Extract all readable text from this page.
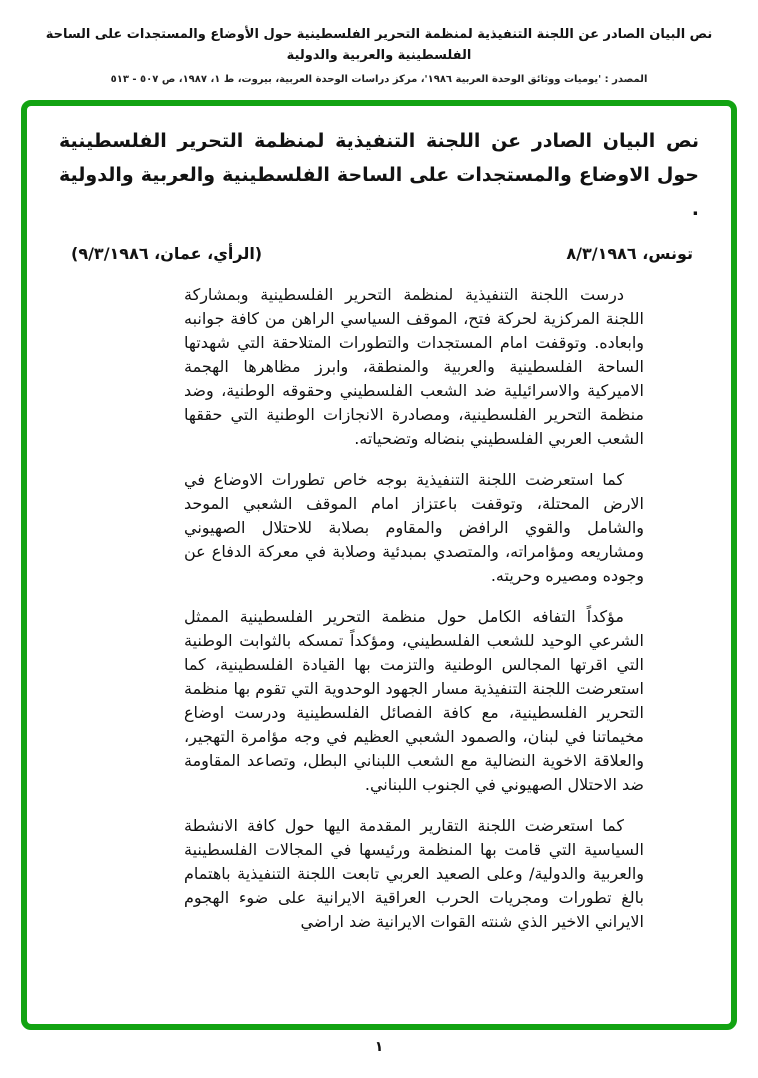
نص البيان الصادر عن اللجنة التنفيذية لمنظمة التحرير الفلسطينية حول الأوضاع والمستجدات على الساحة الفلسطينية والعربية والدولية
المصدر : 'يوميات ووثائق الوحدة العربية ١٩٨٦'، مركز دراسات الوحدة العربية، بيروت، ط ١، ١٩٨٧، ص ٥٠٧ - ٥١٣
نص البيان الصادر عن اللجنة التنفيذية لمنظمة التحرير الفلسطينية حول الاوضاع والمستجدات على الساحة الفلسطينية والعربية والدولية .
تونس، ٨/٣/١٩٨٦
(الرأي، عمان، ٩/٣/١٩٨٦)

درست اللجنة التنفيذية لمنظمة التحرير الفلسطينية وبمشاركة اللجنة المركزية لحركة فتح، الموقف السياسي الراهن من كافة جوانبه وابعاده. وتوقفت امام المستجدات والتطورات المتلاحقة التي شهدتها الساحة الفلسطينية والعربية والمنطقة، وابرز مظاهرها الهجمة الاميركية والاسرائيلية ضد الشعب الفلسطيني وحقوقه الوطنية، وضد منظمة التحرير الفلسطينية، ومصادرة الانجازات الوطنية التي حققها الشعب العربي الفلسطيني بنضاله وتضحياته.

كما استعرضت اللجنة التنفيذية بوجه خاص تطورات الاوضاع في الارض المحتلة، وتوقفت باعتزاز امام الموقف الشعبي الموحد والشامل والقوي الرافض والمقاوم بصلابة للاحتلال الصهيوني ومشاريعه ومؤامراته، والمتصدي بمبدئية وصلابة في معركة الدفاع عن وجوده ومصيره وحريته.

مؤكداً التفافه الكامل حول منظمة التحرير الفلسطينية الممثل الشرعي الوحيد للشعب الفلسطيني، ومؤكداً تمسكه بالثوابت الوطنية التي اقرتها المجالس الوطنية والتزمت بها القيادة الفلسطينية، كما استعرضت اللجنة التنفيذية مسار الجهود الوحدوية التي تقوم بها منظمة التحرير الفلسطينية، مع كافة الفصائل الفلسطينية ودرست اوضاع مخيماتنا في لبنان، والصمود الشعبي العظيم في وجه مؤامرة التهجير، والعلاقة الاخوية النضالية مع الشعب اللبناني البطل، وتصاعد المقاومة ضد الاحتلال الصهيوني في الجنوب اللبناني.

كما استعرضت اللجنة التقارير المقدمة اليها حول كافة الانشطة السياسية التي قامت بها المنظمة ورئيسها في المجالات الفلسطينية والعربية والدولية/ وعلى الصعيد العربي تابعت اللجنة التنفيذية باهتمام بالغ تطورات ومجريات الحرب العراقية الايرانية على ضوء الهجوم الايراني الاخير الذي شنته القوات الايرانية ضد اراضي

١
